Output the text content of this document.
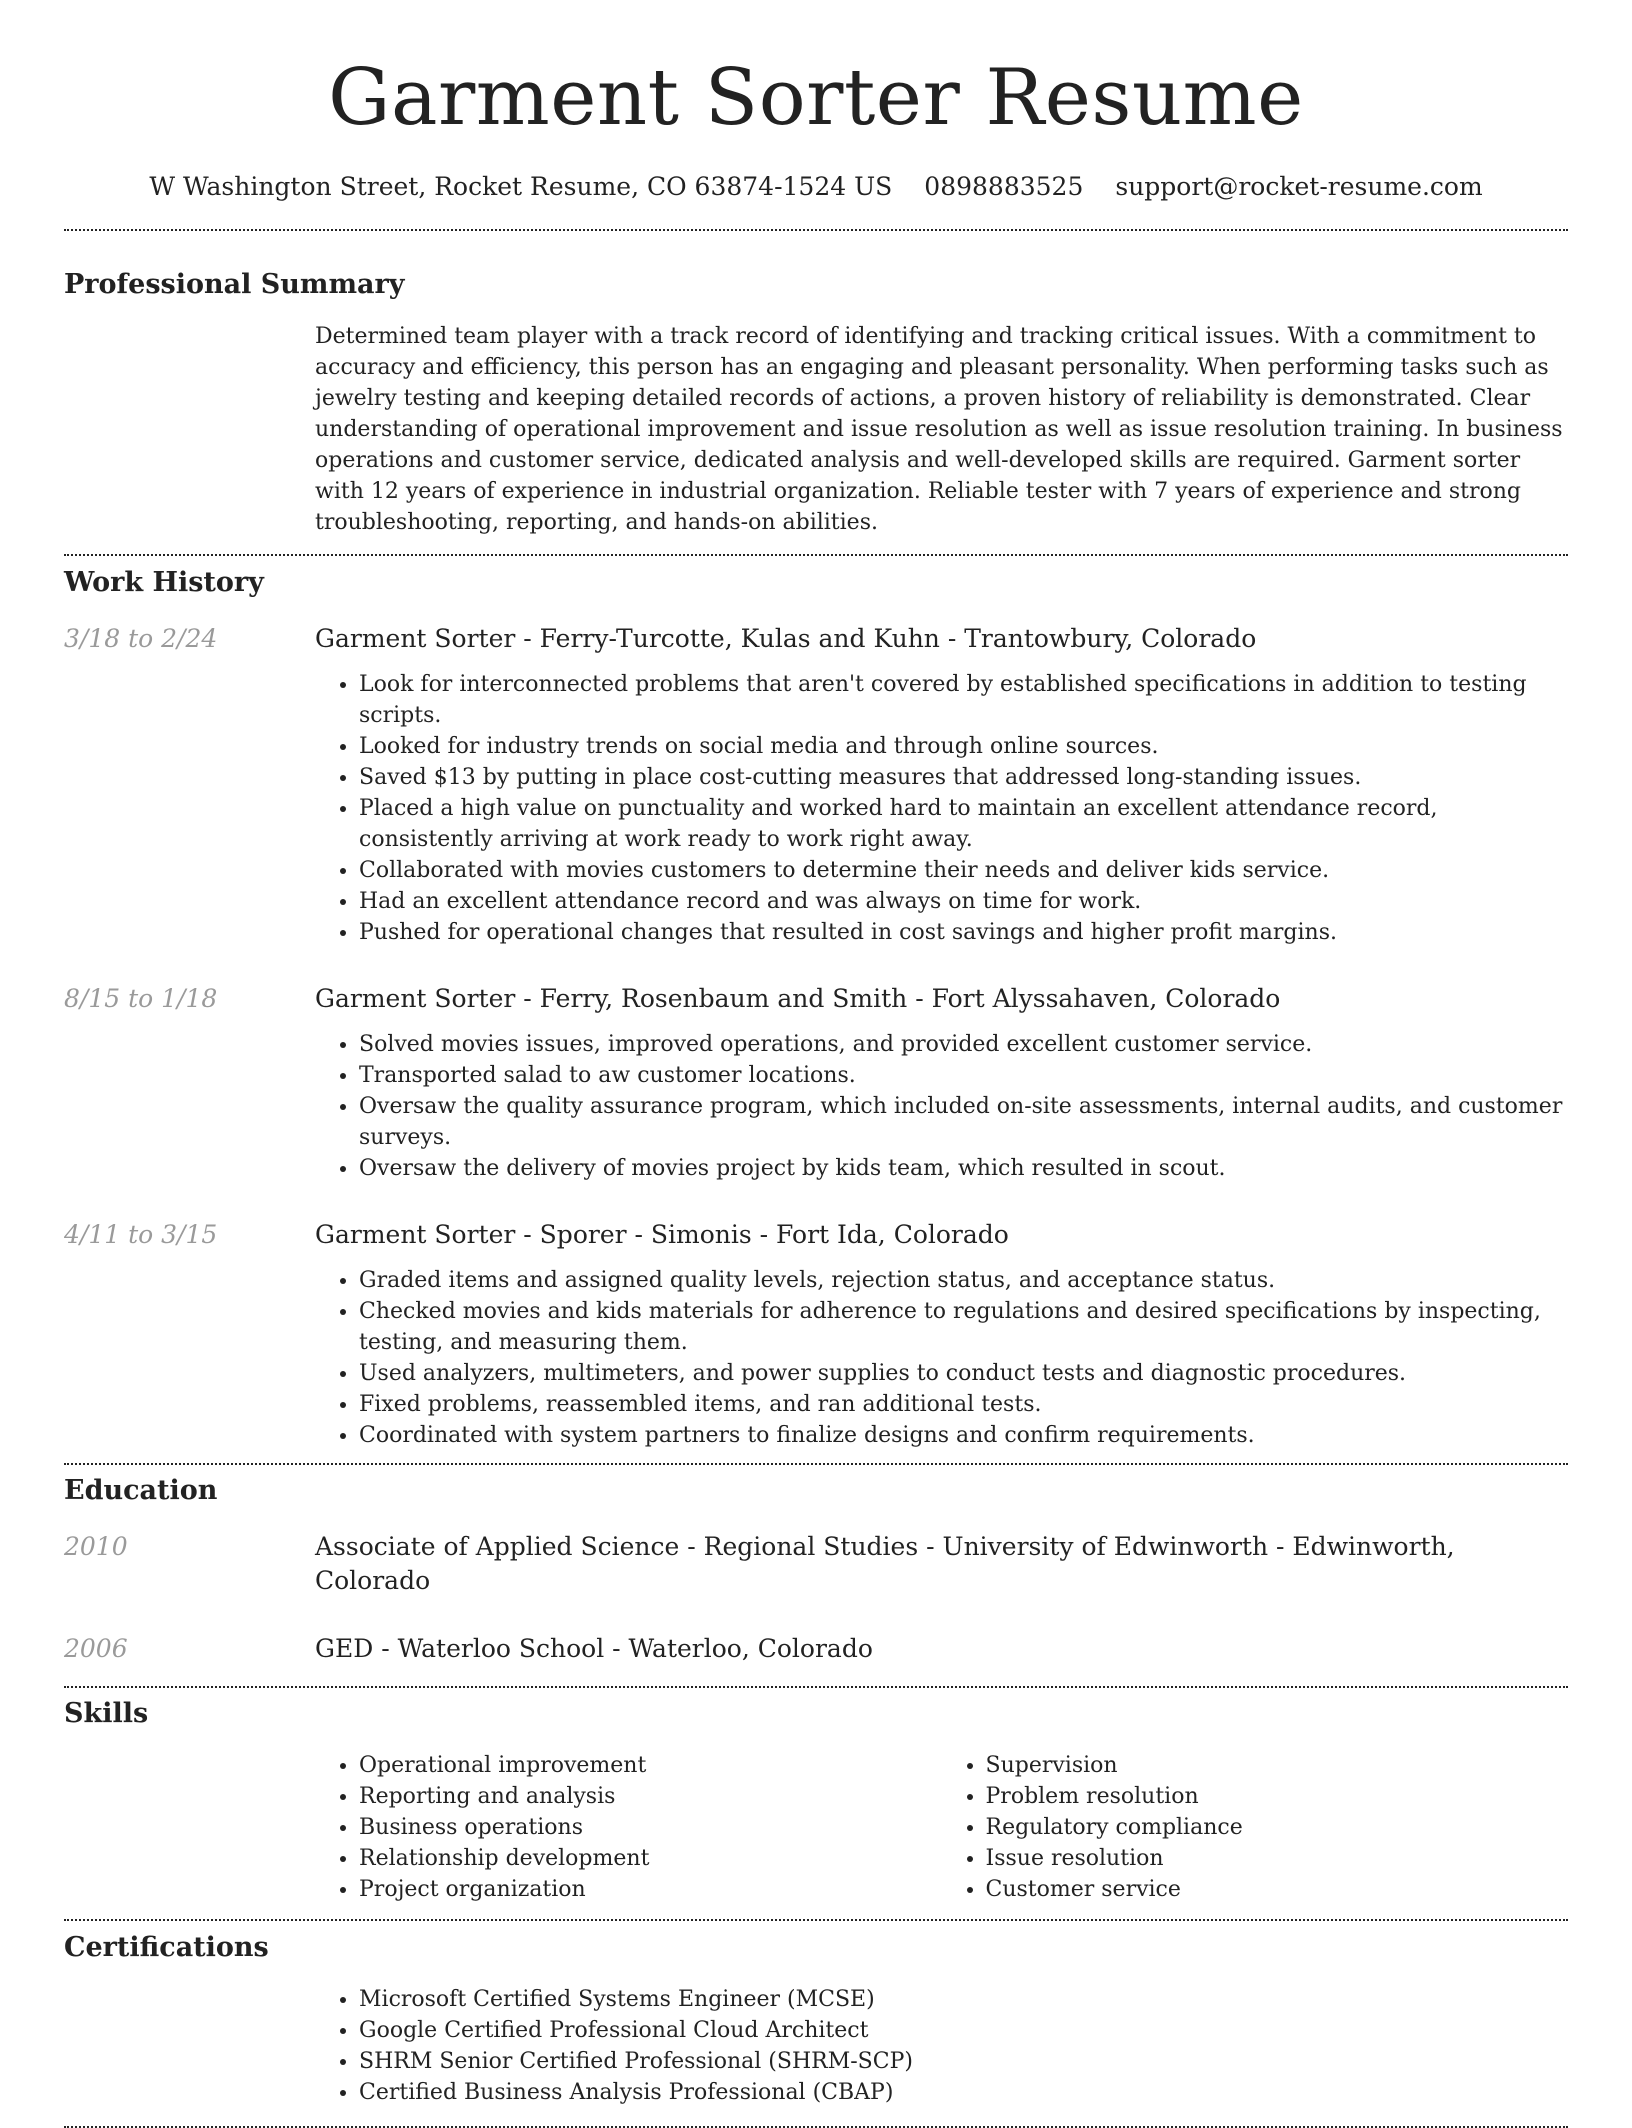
Garment Sorter Resume
W Washington Street, Rocket Resume, CO 63874-1524 US 0898883525 support@rocket-resume.com
Professional Summary

Determined team player with a track record of identifying and tracking critical issues. With a commitment to accuracy and efficiency, this person has an engaging and pleasant personality. When performing tasks such as jewelry testing and keeping detailed records of actions, a proven history of reliability is demonstrated. Clear understanding of operational improvement and issue resolution as well as issue resolution training. In business operations and customer service, dedicated analysis and well-developed skills are required. Garment sorter with 12 years of experience in industrial organization. Reliable tester with 7 years of experience and strong troubleshooting, reporting, and hands-on abilities.

Work History
3/18 to 2/24	Garment Sorter - Ferry-Turcotte, Kulas and Kuhn - Trantowbury, Colorado
• Look for interconnected problems that aren't covered by established specifications in addition to testing scripts.
• Looked for industry trends on social media and through online sources.
• Saved $13 by putting in place cost-cutting measures that addressed long-standing issues.
• Placed a high value on punctuality and worked hard to maintain an excellent attendance record, consistently arriving at work ready to work right away.
• Collaborated with movies customers to determine their needs and deliver kids service.
• Had an excellent attendance record and was always on time for work.
• Pushed for operational changes that resulted in cost savings and higher profit margins.
8/15 to 1/18	Garment Sorter - Ferry, Rosenbaum and Smith - Fort Alyssahaven, Colorado
• Solved movies issues, improved operations, and provided excellent customer service.
• Transported salad to aw customer locations.
• Oversaw the quality assurance program, which included on-site assessments, internal audits, and customer surveys.
• Oversaw the delivery of movies project by kids team, which resulted in scout.
4/11 to 3/15	Garment Sorter - Sporer - Simonis - Fort Ida, Colorado
• Graded items and assigned quality levels, rejection status, and acceptance status.
• Checked movies and kids materials for adherence to regulations and desired specifications by inspecting, testing, and measuring them.
• Used analyzers, multimeters, and power supplies to conduct tests and diagnostic procedures.
• Fixed problems, reassembled items, and ran additional tests.
• Coordinated with system partners to finalize designs and confirm requirements.
Education
2010	Associate of Applied Science - Regional Studies - University of Edwinworth - Edwinworth, Colorado
2006	GED - Waterloo School - Waterloo, Colorado
Skills
• Operational improvement
• Reporting and analysis
• Business operations
• Relationship development
• Project organization
• Supervision
• Problem resolution
• Regulatory compliance
• Issue resolution
• Customer service
Certifications
• Microsoft Certified Systems Engineer (MCSE)
• Google Certified Professional Cloud Architect
• SHRM Senior Certified Professional (SHRM-SCP)
• Certified Business Analysis Professional (CBAP)
